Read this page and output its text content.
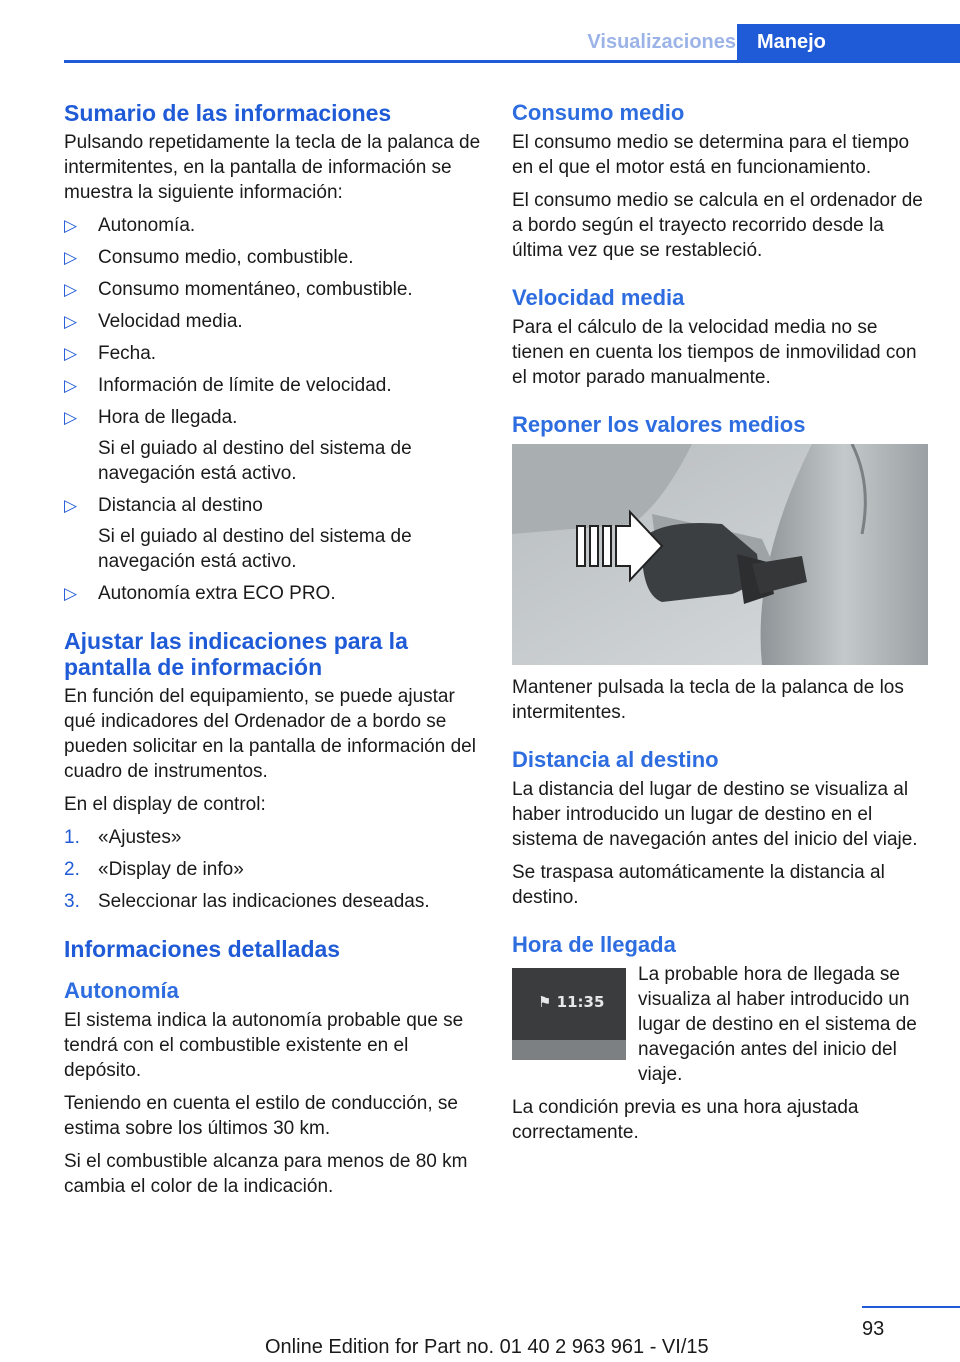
Visualizaciones	Manejo
Sumario de las informaciones

Pulsando repetidamente la tecla de la palanca de intermitentes, en la pantalla de información se muestra la siguiente información:

▷ Autonomía.
▷ Consumo medio, combustible.
▷ Consumo momentáneo, combustible.
▷ Velocidad media.
▷ Fecha.
▷ Información de límite de velocidad.
▷ Hora de llegada.
Si el guiado al destino del sistema de navegación está activo.
▷ Distancia al destino
Si el guiado al destino del sistema de navegación está activo.
▷ Autonomía extra ECO PRO.
Ajustar las indicaciones para la pantalla de información

En función del equipamiento, se puede ajustar qué indicadores del Ordenador de a bordo se pueden solicitar en la pantalla de información del cuadro de instrumentos.

En el display de control:

1. «Ajustes»
2. «Display de info»
3. Seleccionar las indicaciones deseadas.
Informaciones detalladas
Autonomía

El sistema indica la autonomía probable que se tendrá con el combustible existente en el depósito.

Teniendo en cuenta el estilo de conducción, se estima sobre los últimos 30 km.

Si el combustible alcanza para menos de 80 km cambia el color de la indicación.

Consumo medio

El consumo medio se determina para el tiempo en el que el motor está en funcionamiento.

El consumo medio se calcula en el ordenador de a bordo según el trayecto recorrido desde la última vez que se restableció.

Velocidad media

Para el cálculo de la velocidad media no se tienen en cuenta los tiempos de inmovilidad con el motor parado manualmente.

Reponer los valores medios

Mantener pulsada la tecla de la palanca de los intermitentes.

Distancia al destino

La distancia del lugar de destino se visualiza al haber introducido un lugar de destino en el sistema de navegación antes del inicio del viaje.

Se traspasa automáticamente la distancia al destino.

Hora de llegada
⚑ 11:35

La probable hora de llegada se visualiza al haber introducido un lugar de destino en el sistema de navegación antes del inicio del viaje.

La condición previa es una hora ajustada correctamente.

93
Online Edition for Part no. 01 40 2 963 961 - VI/15
